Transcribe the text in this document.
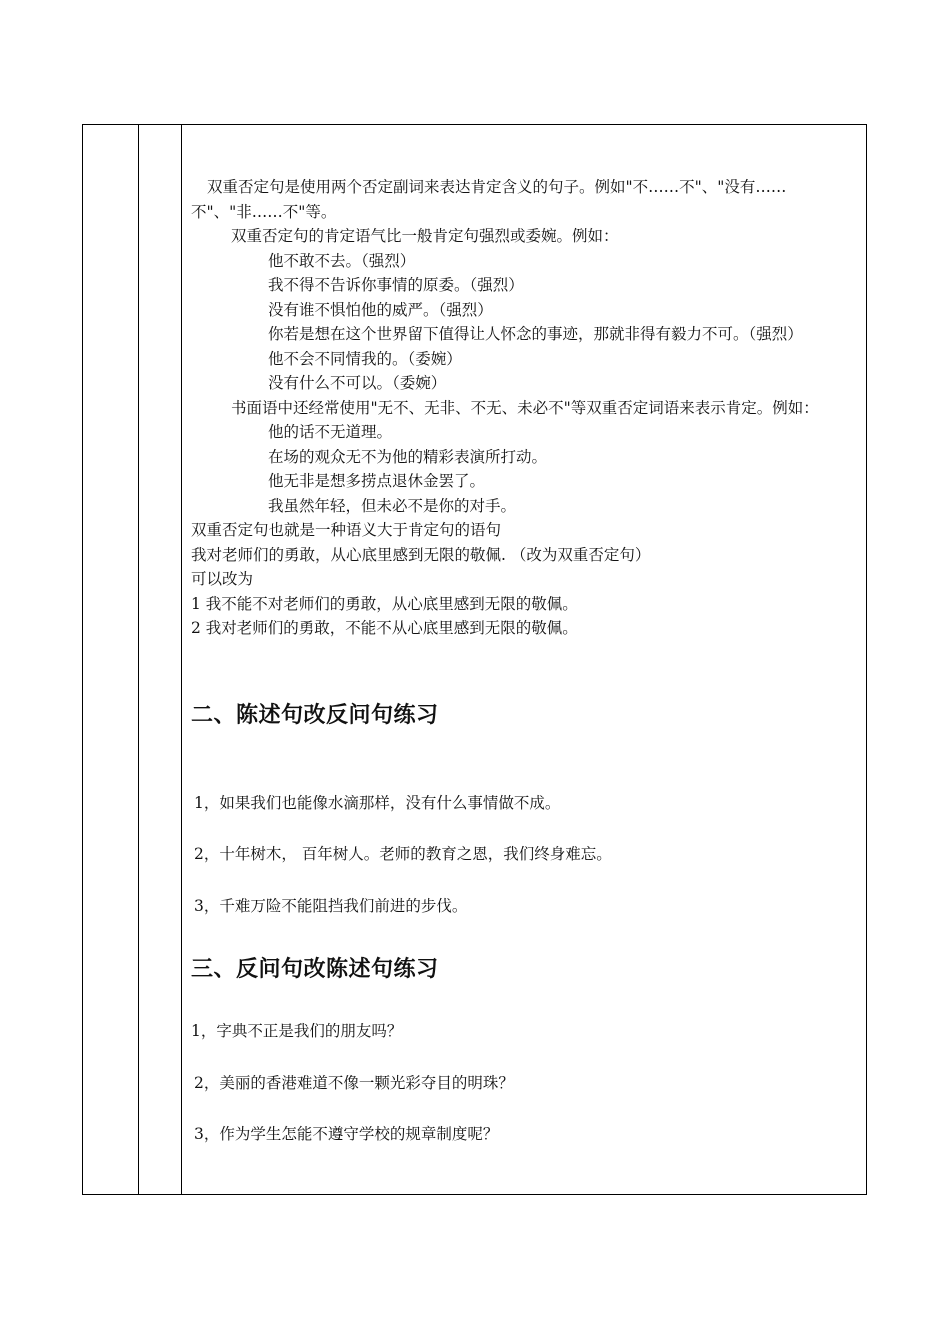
双重否定句是使用两个否定副词来表达肯定含义的句子。例如"不……不"、"没有……不"、"非……不"等。

双重否定句的肯定语气比一般肯定句强烈或委婉。例如：

他不敢不去。（强烈）

我不得不告诉你事情的原委。（强烈）

没有谁不惧怕他的威严。（强烈）

你若是想在这个世界留下值得让人怀念的事迹，那就非得有毅力不可。（强烈）

他不会不同情我的。（委婉）

没有什么不可以。（委婉）

书面语中还经常使用"无不、无非、不无、未必不"等双重否定词语来表示肯定。例如：

他的话不无道理。

在场的观众无不为他的精彩表演所打动。

他无非是想多捞点退休金罢了。

我虽然年轻，但未必不是你的对手。

双重否定句也就是一种语义大于肯定句的语句

我对老师们的勇敢，从心底里感到无限的敬佩. （改为双重否定句）

可以改为

1 我不能不对老师们的勇敢，从心底里感到无限的敬佩。

2 我对老师们的勇敢，不能不从心底里感到无限的敬佩。

二、陈述句改反问句练习

1，如果我们也能像水滴那样，没有什么事情做不成。

2，十年树木， 百年树人。老师的教育之恩，我们终身难忘。

3，千难万险不能阻挡我们前进的步伐。

三、反问句改陈述句练习

1，字典不正是我们的朋友吗？

2，美丽的香港难道不像一颗光彩夺目的明珠？

3，作为学生怎能不遵守学校的规章制度呢？
